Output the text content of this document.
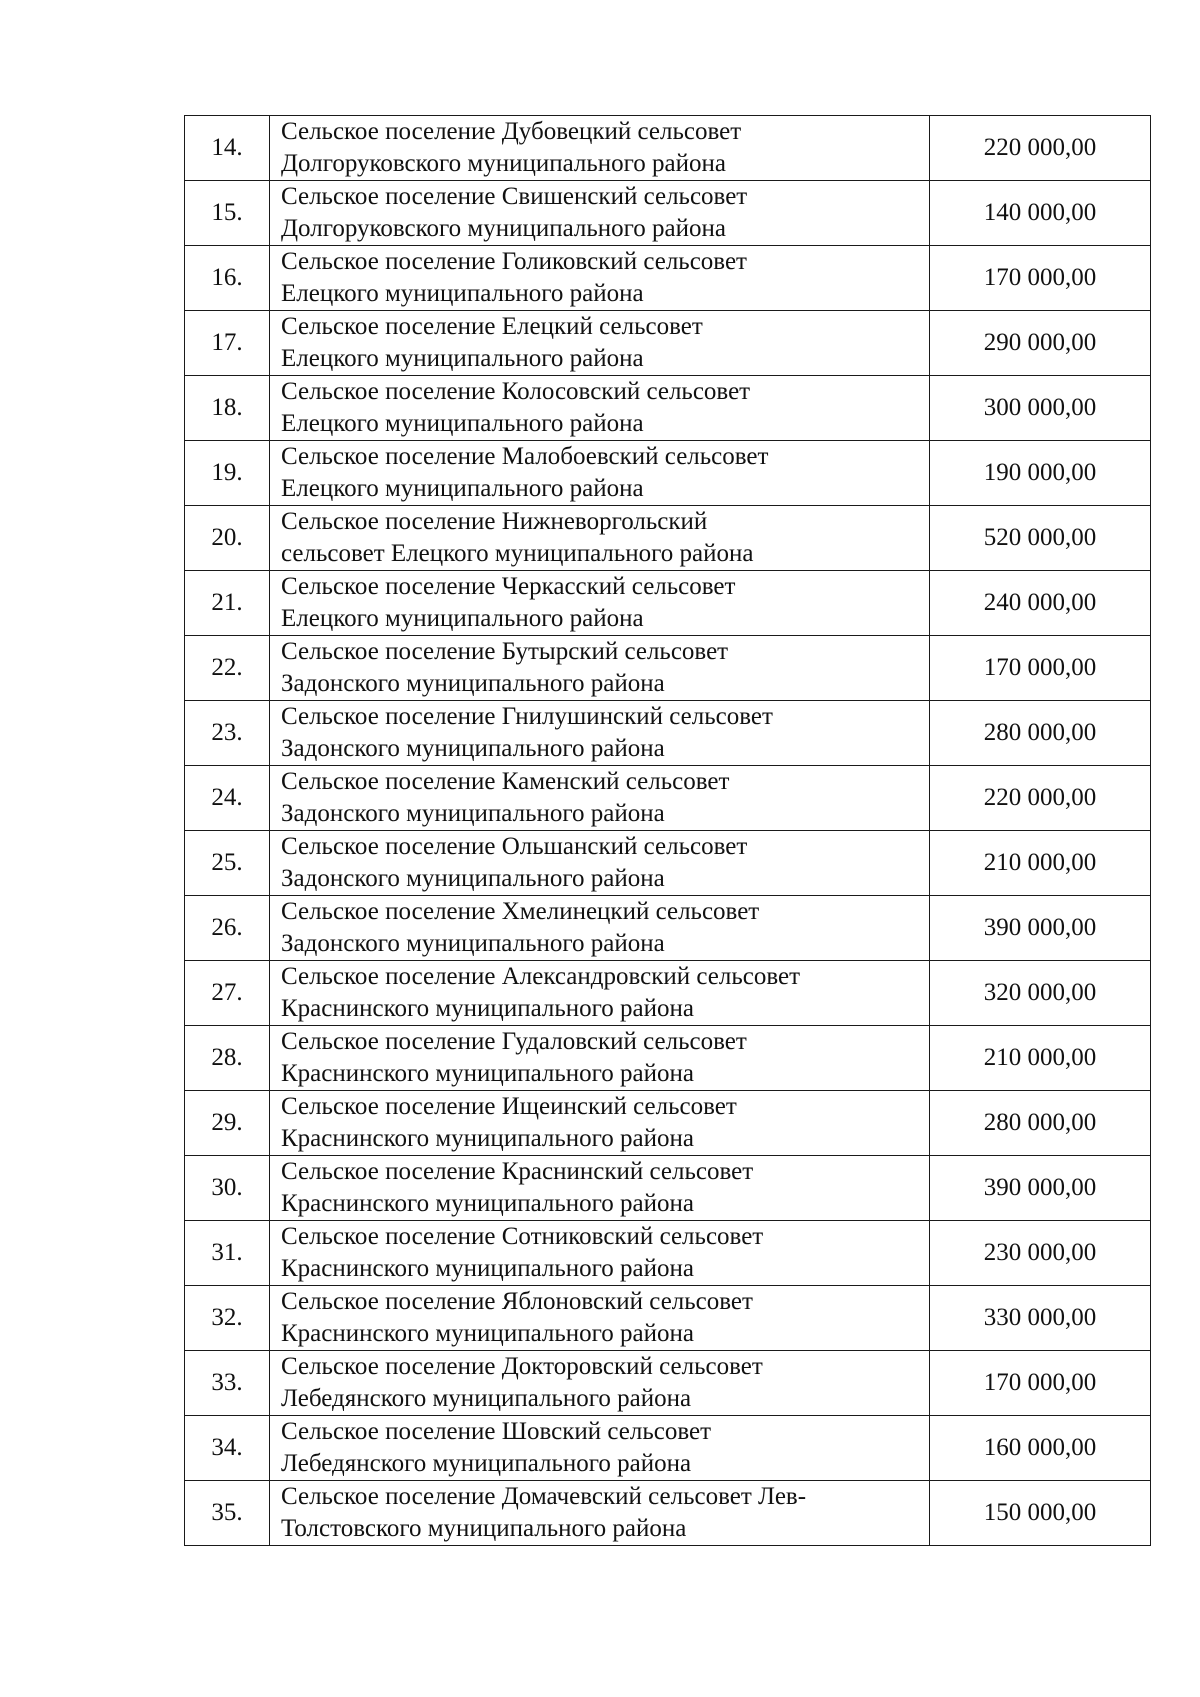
14.	Сельское поселение Дубовецкий сельсовет
Долгоруковского муниципального района	220 000,00
15.	Сельское поселение Свишенский сельсовет
Долгоруковского муниципального района	140 000,00
16.	Сельское поселение Голиковский сельсовет
Елецкого муниципального района	170 000,00
17.	Сельское поселение Елецкий сельсовет
Елецкого муниципального района	290 000,00
18.	Сельское поселение Колосовский сельсовет
Елецкого муниципального района	300 000,00
19.	Сельское поселение Малобоевский сельсовет
Елецкого муниципального района	190 000,00
20.	Сельское поселение Нижневоргольский
сельсовет Елецкого муниципального района	520 000,00
21.	Сельское поселение Черкасский сельсовет
Елецкого муниципального района	240 000,00
22.	Сельское поселение Бутырский сельсовет
Задонского муниципального района	170 000,00
23.	Сельское поселение Гнилушинский сельсовет
Задонского муниципального района	280 000,00
24.	Сельское поселение Каменский сельсовет
Задонского муниципального района	220 000,00
25.	Сельское поселение Ольшанский сельсовет
Задонского муниципального района	210 000,00
26.	Сельское поселение Хмелинецкий сельсовет
Задонского муниципального района	390 000,00
27.	Сельское поселение Александровский сельсовет
Краснинского муниципального района	320 000,00
28.	Сельское поселение Гудаловский сельсовет
Краснинского муниципального района	210 000,00
29.	Сельское поселение Ищеинский сельсовет
Краснинского муниципального района	280 000,00
30.	Сельское поселение Краснинский сельсовет
Краснинского муниципального района	390 000,00
31.	Сельское поселение Сотниковский сельсовет
Краснинского муниципального района	230 000,00
32.	Сельское поселение Яблоновский сельсовет
Краснинского муниципального района	330 000,00
33.	Сельское поселение Докторовский сельсовет
Лебедянского муниципального района	170 000,00
34.	Сельское поселение Шовский сельсовет
Лебедянского муниципального района	160 000,00
35.	Сельское поселение Домачевский сельсовет Лев-
Толстовского муниципального района	150 000,00
